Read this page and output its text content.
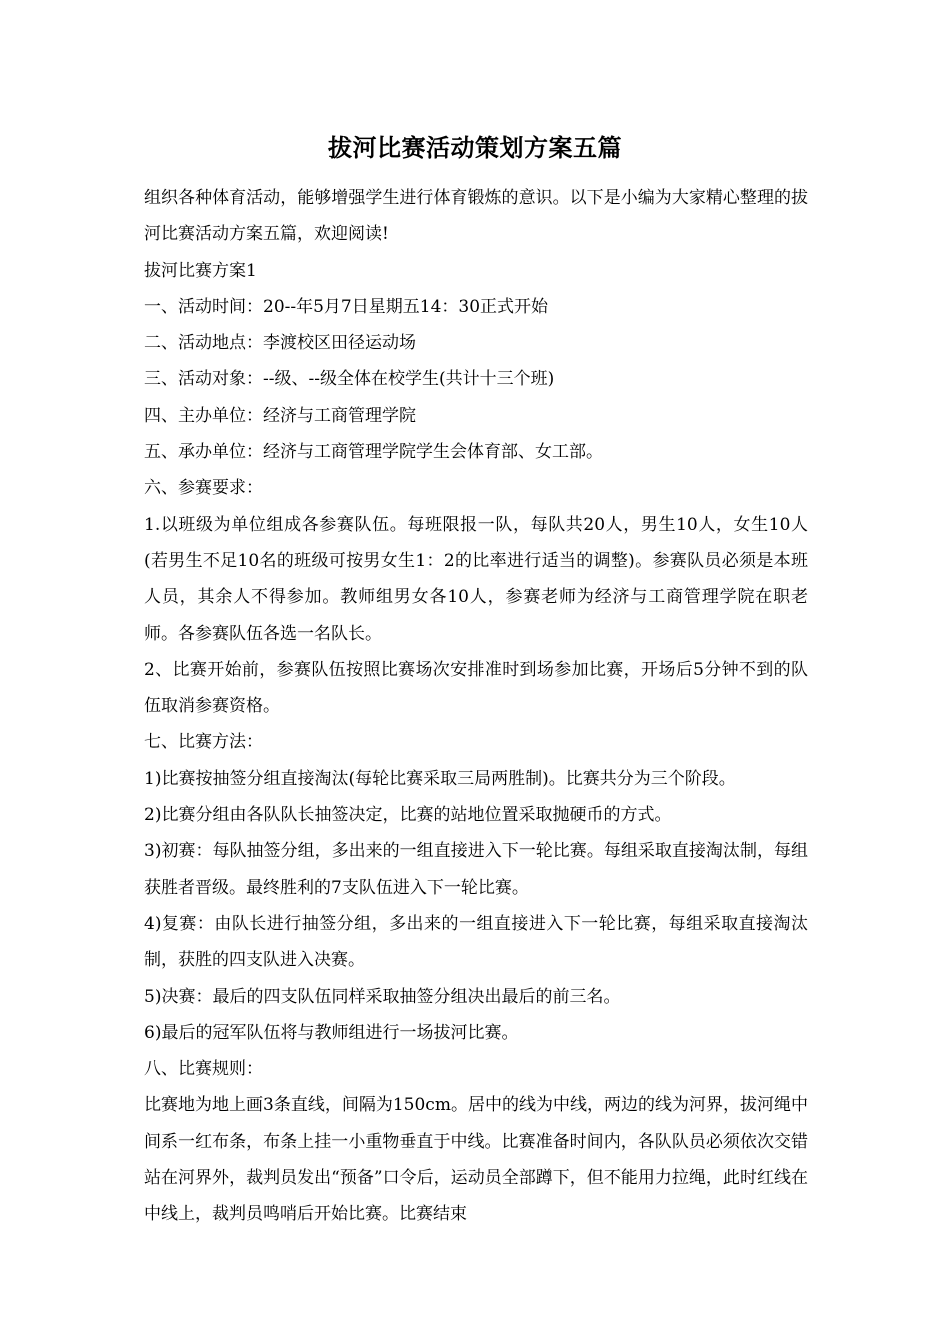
拔河比赛活动策划方案五篇

组织各种体育活动，能够增强学生进行体育锻炼的意识。以下是小编为大家精心整理的拔河比赛活动方案五篇，欢迎阅读!

拔河比赛方案1

一、活动时间：20--年5月7日星期五14：30正式开始

二、活动地点：李渡校区田径运动场

三、活动对象：--级、--级全体在校学生(共计十三个班)

四、主办单位：经济与工商管理学院

五、承办单位：经济与工商管理学院学生会体育部、女工部。

六、参赛要求：

1.以班级为单位组成各参赛队伍。每班限报一队，每队共20人，男生10人，女生10人(若男生不足10名的班级可按男女生1：2的比率进行适当的调整)。参赛队员必须是本班人员，其余人不得参加。教师组男女各10人，参赛老师为经济与工商管理学院在职老师。各参赛队伍各选一名队长。

2、比赛开始前，参赛队伍按照比赛场次安排准时到场参加比赛，开场后5分钟不到的队伍取消参赛资格。

七、比赛方法：

1)比赛按抽签分组直接淘汰(每轮比赛采取三局两胜制)。比赛共分为三个阶段。

2)比赛分组由各队队长抽签决定，比赛的站地位置采取抛硬币的方式。

3)初赛：每队抽签分组，多出来的一组直接进入下一轮比赛。每组采取直接淘汰制，每组获胜者晋级。最终胜利的7支队伍进入下一轮比赛。

4)复赛：由队长进行抽签分组，多出来的一组直接进入下一轮比赛，每组采取直接淘汰制，获胜的四支队进入决赛。

5)决赛：最后的四支队伍同样采取抽签分组决出最后的前三名。

6)最后的冠军队伍将与教师组进行一场拔河比赛。

八、比赛规则：

比赛地为地上画3条直线，间隔为150cm。居中的线为中线，两边的线为河界，拔河绳中间系一红布条，布条上挂一小重物垂直于中线。比赛准备时间内，各队队员必须依次交错站在河界外，裁判员发出“预备”口令后，运动员全部蹲下，但不能用力拉绳，此时红线在中线上，裁判员鸣哨后开始比赛。比赛结束
